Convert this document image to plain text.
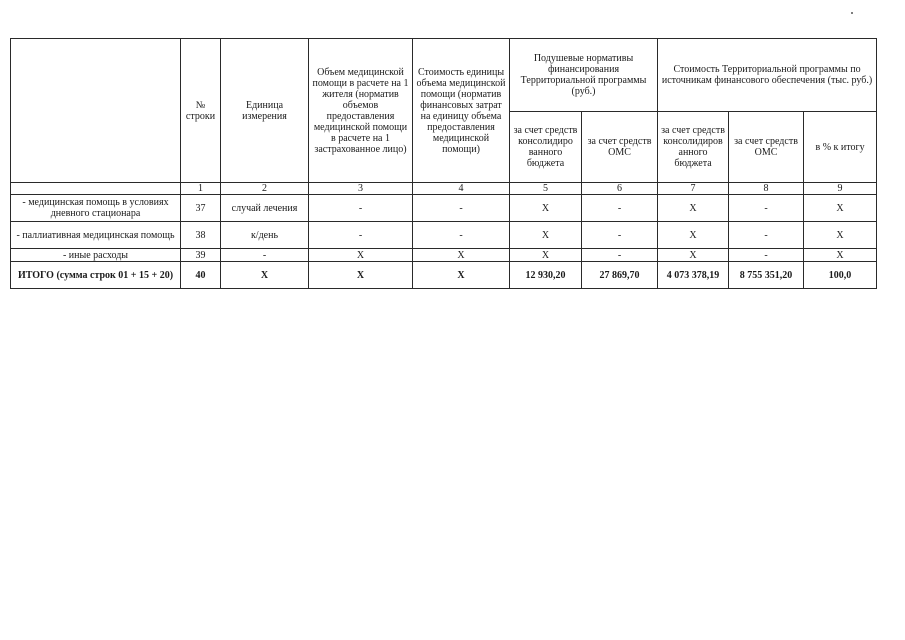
	№ строки	Единица измерения	Объем медицинской помощи в расчете на 1 жителя (норматив объемов предоставления медицинской помощи в расчете на 1 застрахованное лицо)	Стоимость единицы объема медицинской помощи (норматив финансовых затрат на единицу объема предоставления медицинской помощи)	Подушевые нормативы финансирования Территориальной программы (руб.)		Стоимость Территориальной программы по источникам финансового обеспечения (тыс. руб.)		
					за счет средств консолидиро ванного бюджета	за счет средств ОМС	за счет средств консолидиров анного бюджета	за счет средств ОМС	в % к итогу
	1	2	3	4	5	6	7	8	9
- медицинская помощь в условиях дневного стационара	37	случай лечения	-	-	X	-	X	-	X
- паллиативная медицинская помощь	38	к/день	-	-	X	-	X	-	X
- иные расходы	39	-	X	X	X	-	X	-	X
ИТОГО (сумма строк 01 + 15 + 20)	40	X	X	X	12 930,20	27 869,70	4 073 378,19	8 755 351,20	100,0
